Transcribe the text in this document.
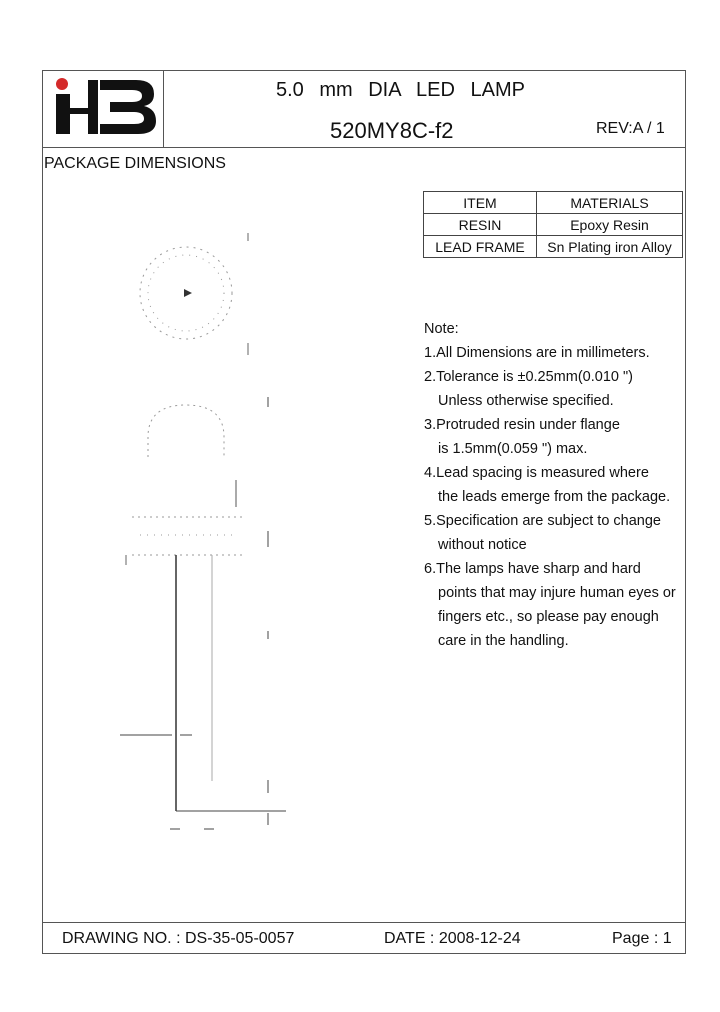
5.0 mm DIA LED LAMP
520MY8C-f2	REV:A / 1
PACKAGE DIMENSIONS
ITEM	MATERIALS
RESIN	Epoxy Resin
LEAD FRAME	Sn Plating iron Alloy
Note:
1.All Dimensions are in millimeters.
2.Tolerance is ±0.25mm(0.010 ")
Unless otherwise specified.
3.Protruded resin under flange
is 1.5mm(0.059 ") max.
4.Lead spacing is measured where
the leads emerge from the package.
5.Specification are subject to change
without notice
6.The lamps have sharp and hard
points that may injure human eyes or
fingers etc., so please pay enough
care in the handling.
DRAWING NO. : DS-35-05-0057	DATE : 2008-12-24	Page : 1
